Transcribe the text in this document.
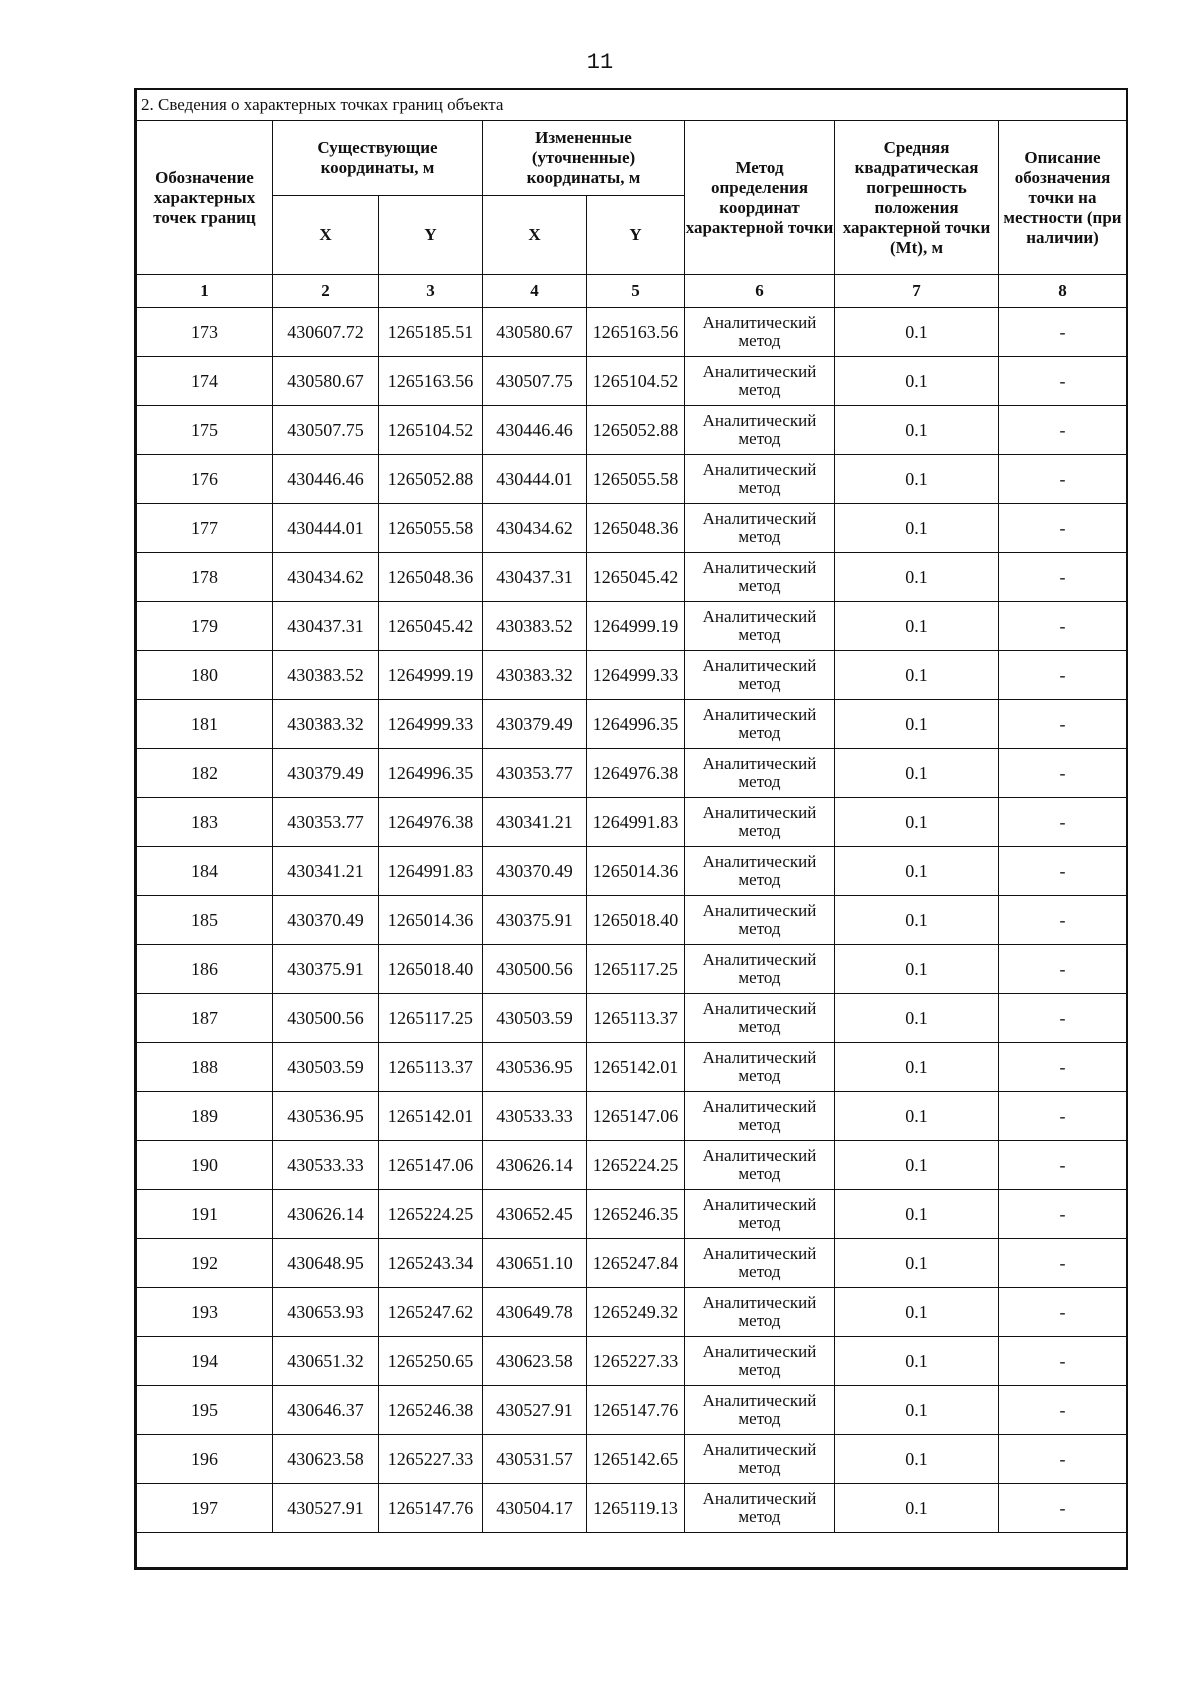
11
2. Сведения о характерных точках границ объекта							
Обозначение характерных точек границ	Существующие координаты, м		Измененные (уточненные) координаты, м		Метод определения координат характерной точки	Средняя квадратическая погрешность положения характерной точки (Mt), м	Описание обозначения точки на местности (при наличии)
	X	Y	X	Y			
1	2	3	4	5	6	7	8
173	430607.72	1265185.51	430580.67	1265163.56	Аналитический метод	0.1	-
174	430580.67	1265163.56	430507.75	1265104.52	Аналитический метод	0.1	-
175	430507.75	1265104.52	430446.46	1265052.88	Аналитический метод	0.1	-
176	430446.46	1265052.88	430444.01	1265055.58	Аналитический метод	0.1	-
177	430444.01	1265055.58	430434.62	1265048.36	Аналитический метод	0.1	-
178	430434.62	1265048.36	430437.31	1265045.42	Аналитический метод	0.1	-
179	430437.31	1265045.42	430383.52	1264999.19	Аналитический метод	0.1	-
180	430383.52	1264999.19	430383.32	1264999.33	Аналитический метод	0.1	-
181	430383.32	1264999.33	430379.49	1264996.35	Аналитический метод	0.1	-
182	430379.49	1264996.35	430353.77	1264976.38	Аналитический метод	0.1	-
183	430353.77	1264976.38	430341.21	1264991.83	Аналитический метод	0.1	-
184	430341.21	1264991.83	430370.49	1265014.36	Аналитический метод	0.1	-
185	430370.49	1265014.36	430375.91	1265018.40	Аналитический метод	0.1	-
186	430375.91	1265018.40	430500.56	1265117.25	Аналитический метод	0.1	-
187	430500.56	1265117.25	430503.59	1265113.37	Аналитический метод	0.1	-
188	430503.59	1265113.37	430536.95	1265142.01	Аналитический метод	0.1	-
189	430536.95	1265142.01	430533.33	1265147.06	Аналитический метод	0.1	-
190	430533.33	1265147.06	430626.14	1265224.25	Аналитический метод	0.1	-
191	430626.14	1265224.25	430652.45	1265246.35	Аналитический метод	0.1	-
192	430648.95	1265243.34	430651.10	1265247.84	Аналитический метод	0.1	-
193	430653.93	1265247.62	430649.78	1265249.32	Аналитический метод	0.1	-
194	430651.32	1265250.65	430623.58	1265227.33	Аналитический метод	0.1	-
195	430646.37	1265246.38	430527.91	1265147.76	Аналитический метод	0.1	-
196	430623.58	1265227.33	430531.57	1265142.65	Аналитический метод	0.1	-
197	430527.91	1265147.76	430504.17	1265119.13	Аналитический метод	0.1	-
